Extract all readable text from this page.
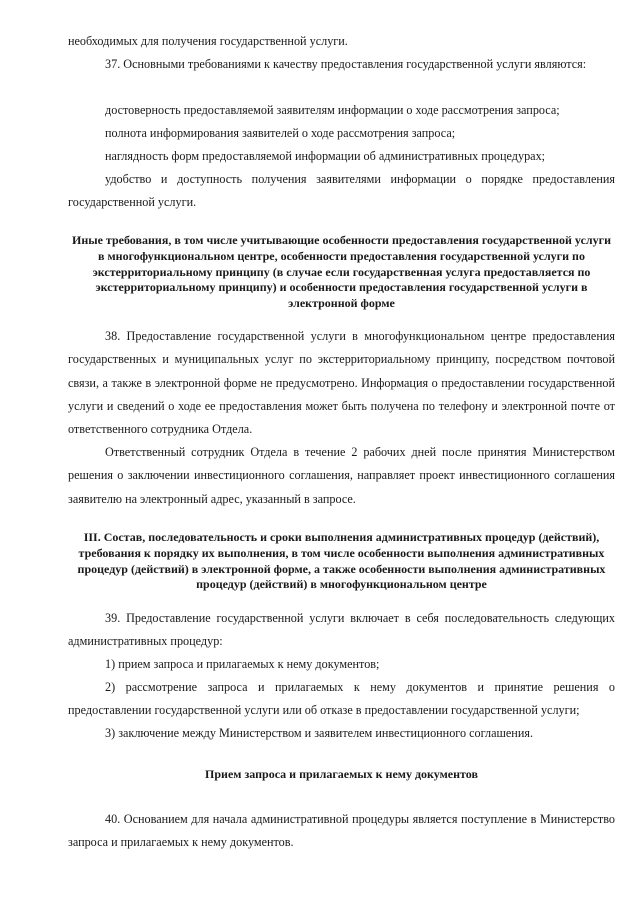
необходимых для получения государственной услуги.

37. Основными требованиями к качеству предоставления государственной услуги являются:

достоверность предоставляемой заявителям информации о ходе рассмотрения запроса;

полнота информирования заявителей о ходе рассмотрения запроса;

наглядность форм предоставляемой информации об административных процедурах;

удобство и доступность получения заявителями информации о порядке предоставления государственной услуги.

Иные требования, в том числе учитывающие особенности предоставления государственной услуги в многофункциональном центре, особенности предоставления государственной услуги по экстерриториальному принципу (в случае если государственная услуга предоставляется по экстерриториальному принципу) и особенности предоставления государственной услуги в электронной форме

38. Предоставление государственной услуги в многофункциональном центре предоставления государственных и муниципальных услуг по экстерриториальному принципу, посредством почтовой связи, а также в электронной форме не предусмотрено. Информация о предоставлении государственной услуги и сведений о ходе ее предоставления может быть получена по телефону и электронной почте от ответственного сотрудника Отдела.

Ответственный сотрудник Отдела в течение 2 рабочих дней после принятия Министерством решения о заключении инвестиционного соглашения, направляет проект инвестиционного соглашения заявителю на электронный адрес, указанный в запросе.

III. Состав, последовательность и сроки выполнения административных процедур (действий), требования к порядку их выполнения, в том числе особенности выполнения административных процедур (действий) в электронной форме, а также особенности выполнения административных процедур (действий) в многофункциональном центре

39. Предоставление государственной услуги включает в себя последовательность следующих административных процедур:

1) прием запроса и прилагаемых к нему документов;

2) рассмотрение запроса и прилагаемых к нему документов и принятие решения о предоставлении государственной услуги или об отказе в предоставлении государственной услуги;

3) заключение между Министерством и заявителем инвестиционного соглашения.

Прием запроса и прилагаемых к нему документов

40. Основанием для начала административной процедуры является поступление в Министерство запроса и прилагаемых к нему документов.
